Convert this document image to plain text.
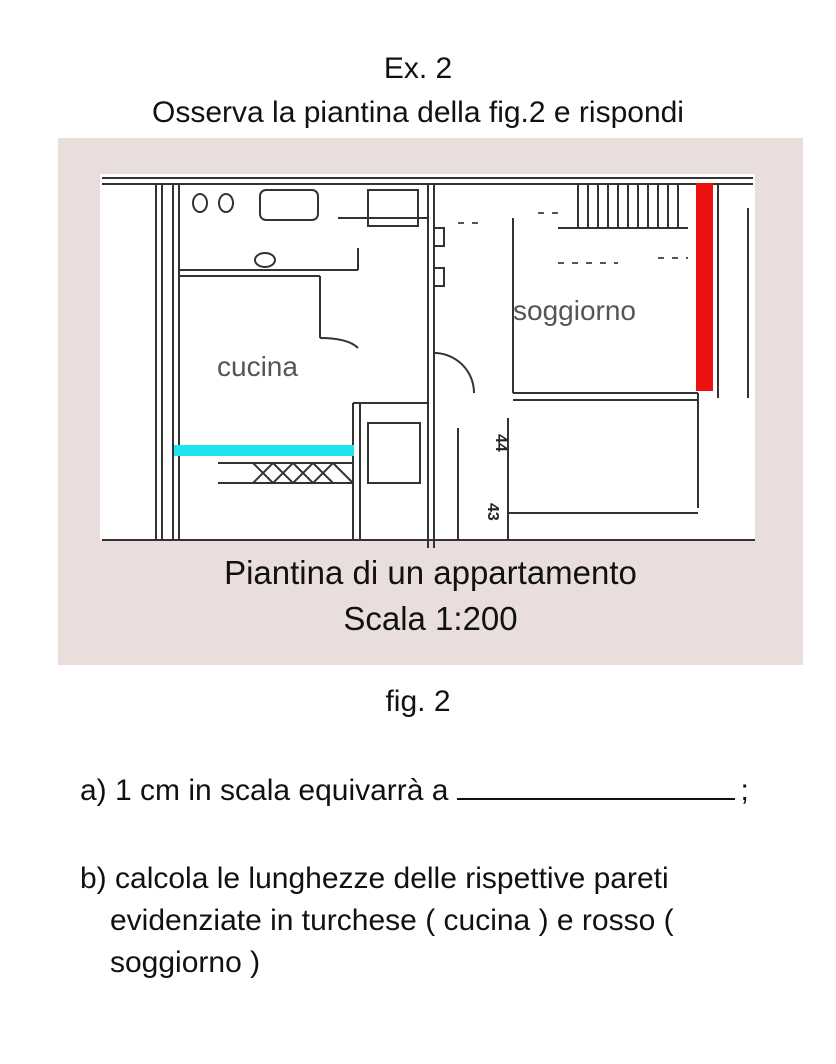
Ex. 2
Osserva la piantina della fig.2 e rispondi
cucina
soggiorno
44
43
Piantina di un appartamento
Scala 1:200
fig. 2
a) 1 cm in scala equivarrà a	;
b) calcola le lunghezze delle rispettive pareti evidenziate in turchese ( cucina ) e rosso ( soggiorno )
